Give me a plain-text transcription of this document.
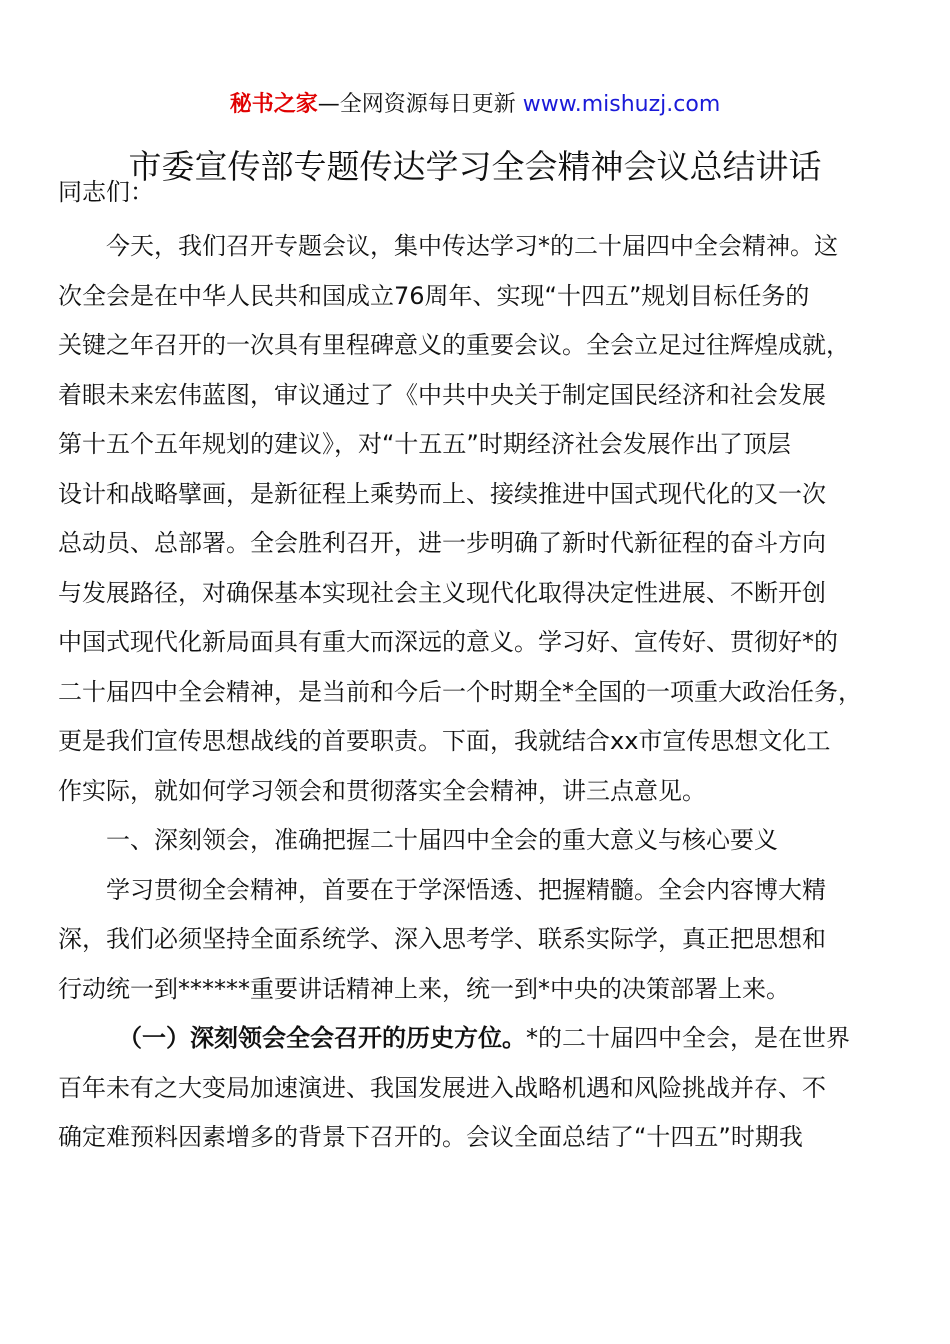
秘书之家—全网资源每日更新 www.mishuzj.com
市委宣传部专题传达学习全会精神会议总结讲话
同志们：
今天，我们召开专题会议，集中传达学习*的二十届四中全会精神。这
次全会是在中华人民共和国成立76周年、实现“十四五”规划目标任务的
关键之年召开的一次具有里程碑意义的重要会议。全会立足过往辉煌成就，
着眼未来宏伟蓝图，审议通过了《中共中央关于制定国民经济和社会发展
第十五个五年规划的建议》，对“十五五”时期经济社会发展作出了顶层
设计和战略擘画，是新征程上乘势而上、接续推进中国式现代化的又一次
总动员、总部署。全会胜利召开，进一步明确了新时代新征程的奋斗方向
与发展路径，对确保基本实现社会主义现代化取得决定性进展、不断开创
中国式现代化新局面具有重大而深远的意义。学习好、宣传好、贯彻好*的
二十届四中全会精神，是当前和今后一个时期全*全国的一项重大政治任务，
更是我们宣传思想战线的首要职责。下面，我就结合xx市宣传思想文化工
作实际，就如何学习领会和贯彻落实全会精神，讲三点意见。
一、深刻领会，准确把握二十届四中全会的重大意义与核心要义
学习贯彻全会精神，首要在于学深悟透、把握精髓。全会内容博大精
深，我们必须坚持全面系统学、深入思考学、联系实际学，真正把思想和
行动统一到******重要讲话精神上来，统一到*中央的决策部署上来。
（一）深刻领会全会召开的历史方位。*的二十届四中全会，是在世界
百年未有之大变局加速演进、我国发展进入战略机遇和风险挑战并存、不
确定难预料因素增多的背景下召开的。会议全面总结了“十四五”时期我
